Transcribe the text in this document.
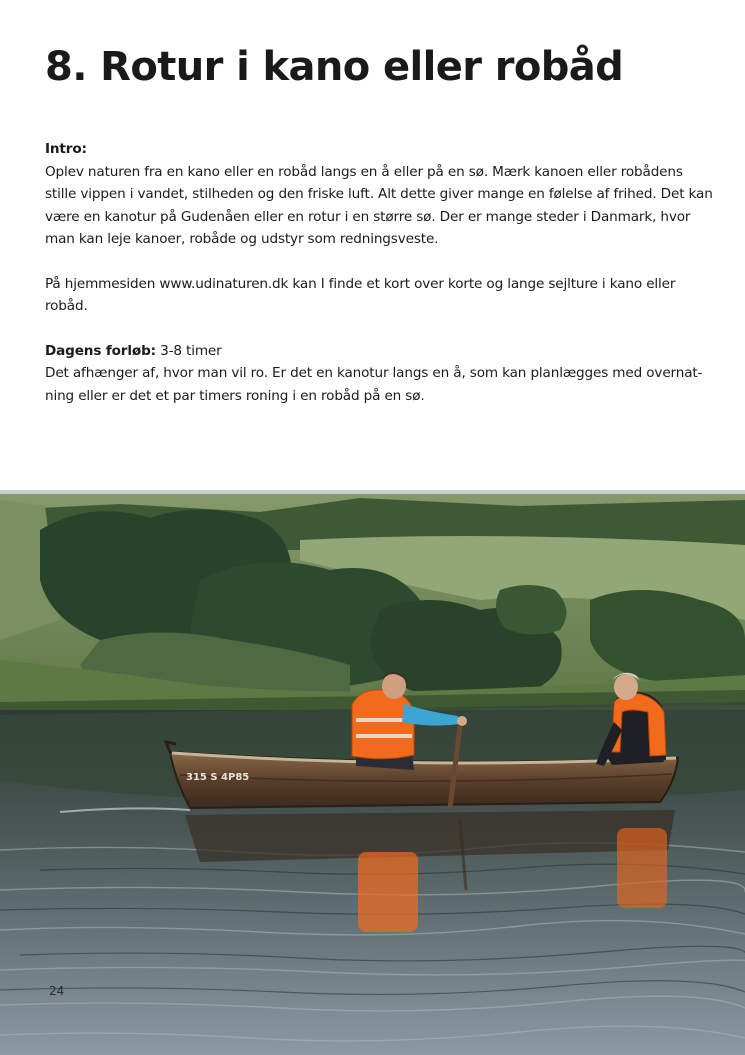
8. Rotur i kano eller robåd

Intro:

Oplev naturen fra en kano eller en robåd langs en å eller på en sø. Mærk kanoen eller robådens
stille vippen i vandet, stilheden og den friske luft. Alt dette giver mange en følelse af frihed. Det kan
være en kanotur på Gudenåen eller en rotur i en større sø. Der er mange steder i Danmark, hvor
man kan leje kanoer, robåde og udstyr som redningsveste.

På hjemmesiden www.udinaturen.dk kan I finde et kort over korte og lange sejlture i kano eller
robåd.

Dagens forløb: 3-8 timer

Det afhænger af, hvor man vil ro. Er det en kanotur langs en å, som kan planlægges med overnat-
ning eller er det et par timers roning i en robåd på en sø.

315 S 4P85
24
